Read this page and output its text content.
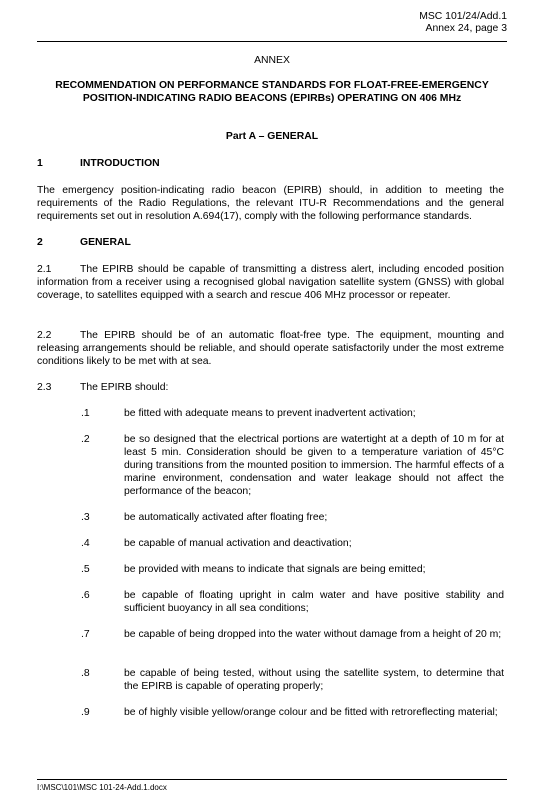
MSC 101/24/Add.1
Annex 24, page 3
ANNEX
RECOMMENDATION ON PERFORMANCE STANDARDS FOR FLOAT-FREE-EMERGENCY POSITION-INDICATING RADIO BEACONS (EPIRBs) OPERATING ON 406 MHz
Part A – GENERAL
1	INTRODUCTION
The emergency position-indicating radio beacon (EPIRB) should, in addition to meeting the requirements of the Radio Regulations, the relevant ITU-R Recommendations and the general requirements set out in resolution A.694(17), comply with the following performance standards.
2	GENERAL
2.1	The EPIRB should be capable of transmitting a distress alert, including encoded position information from a receiver using a recognised global navigation satellite system (GNSS) with global coverage, to satellites equipped with a search and rescue 406 MHz processor or repeater.
2.2	The EPIRB should be of an automatic float-free type. The equipment, mounting and releasing arrangements should be reliable, and should operate satisfactorily under the most extreme conditions likely to be met with at sea.
2.3	The EPIRB should:
.1	be fitted with adequate means to prevent inadvertent activation;
.2	be so designed that the electrical portions are watertight at a depth of 10 m for at least 5 min. Consideration should be given to a temperature variation of 45°C during transitions from the mounted position to immersion. The harmful effects of a marine environment, condensation and water leakage should not affect the performance of the beacon;
.3	be automatically activated after floating free;
.4	be capable of manual activation and deactivation;
.5	be provided with means to indicate that signals are being emitted;
.6	be capable of floating upright in calm water and have positive stability and sufficient buoyancy in all sea conditions;
.7	be capable of being dropped into the water without damage from a height of 20 m;
.8	be capable of being tested, without using the satellite system, to determine that the EPIRB is capable of operating properly;
.9	be of highly visible yellow/orange colour and be fitted with retroreflecting material;
I:\MSC\101\MSC 101-24-Add.1.docx
